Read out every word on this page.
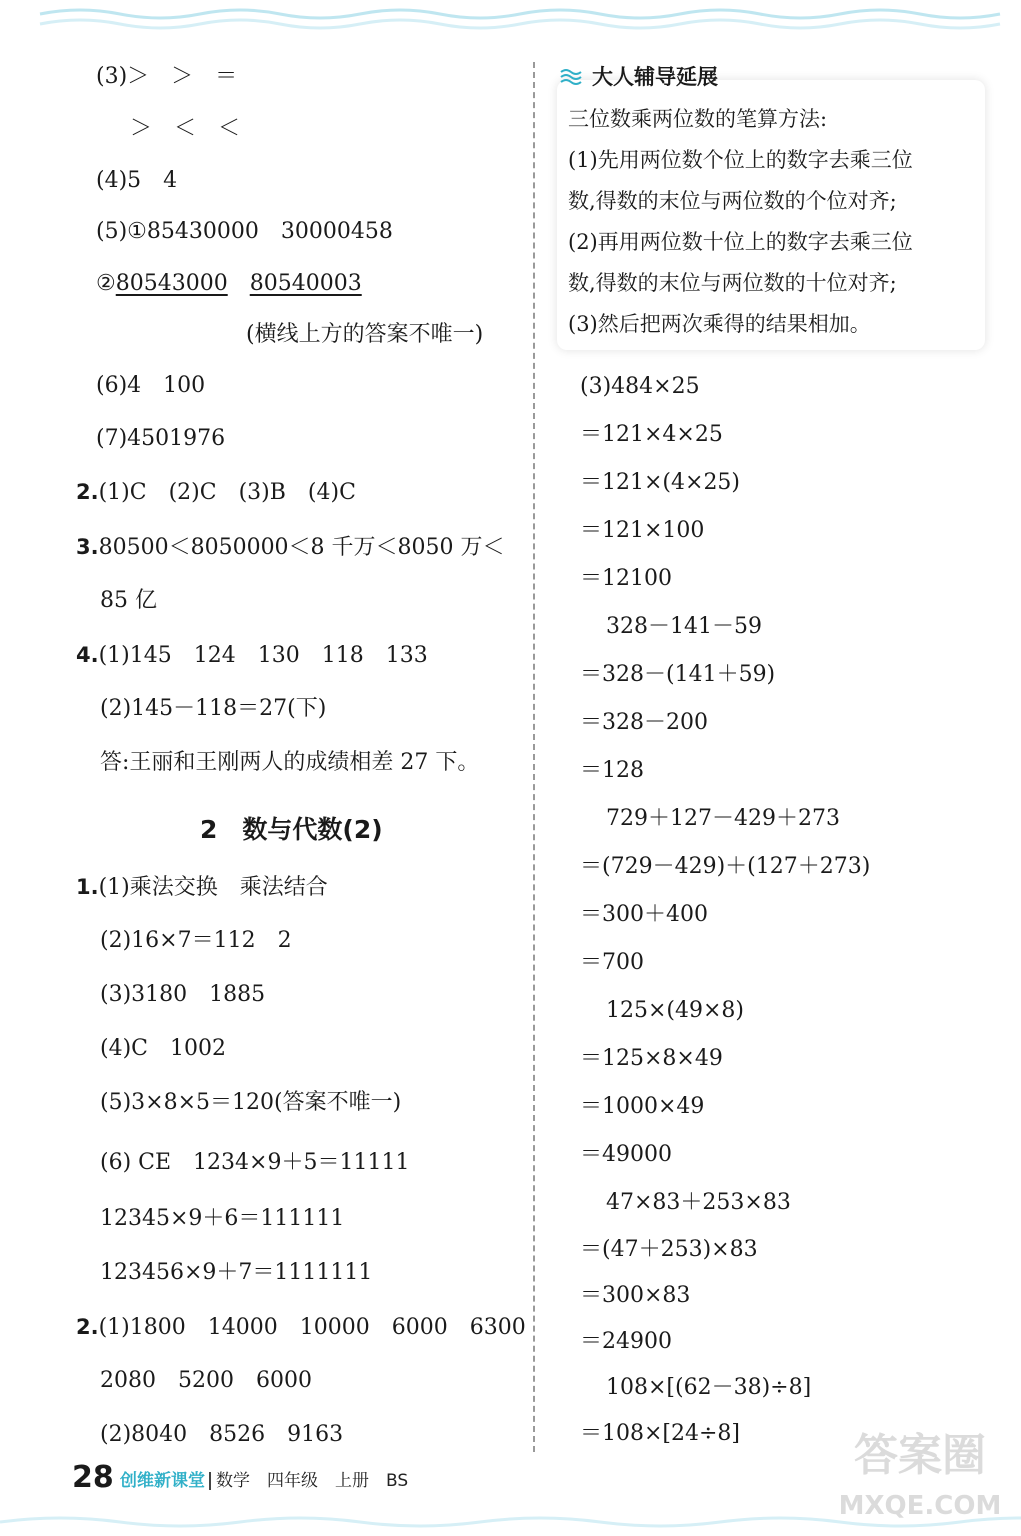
(3)＞　＞　＝
＞　＜　＜
(4)5　4
(5)①85430000　30000458
②80543000　 80540003
(横线上方的答案不唯一)
(6)4　100
(7)4501976
2.(1)C　(2)C　(3)B　(4)C
3.80500＜8050000＜8 千万＜8050 万＜
85 亿
4.(1)145　124　130　118　133
(2)145－118＝27(下)
答:王丽和王刚两人的成绩相差 27 下。
2　数与代数(2)
1.(1)乘法交换　乘法结合
(2)16×7＝112　2
(3)3180　1885
(4)C　1002
(5)3×8×5＝120(答案不唯一)
(6) CE　1234×9＋5＝11111
12345×9＋6＝111111
123456×9＋7＝1111111
2.(1)1800　14000　10000　6000　6300
2080　5200　6000
(2)8040　8526　9163
大人辅导延展
三位数乘两位数的笔算方法:
(1)先用两位数个位上的数字去乘三位
数,得数的末位与两位数的个位对齐;
(2)再用两位数十位上的数字去乘三位
数,得数的末位与两位数的十位对齐;
(3)然后把两次乘得的结果相加。
(3)484×25
＝121×4×25
＝121×(4×25)
＝121×100
＝12100
328－141－59
＝328－(141＋59)
＝328－200
＝128
729＋127－429＋273
＝(729－429)＋(127＋273)
＝300＋400
＝700
125×(49×8)
＝125×8×49
＝1000×49
＝49000
47×83＋253×83
＝(47＋253)×83
＝300×83
＝24900
108×[(62－38)÷8]
＝108×[24÷8]
28 创维新课堂 数学　四年级　上册　BS	答案圈
MXQE.COM
